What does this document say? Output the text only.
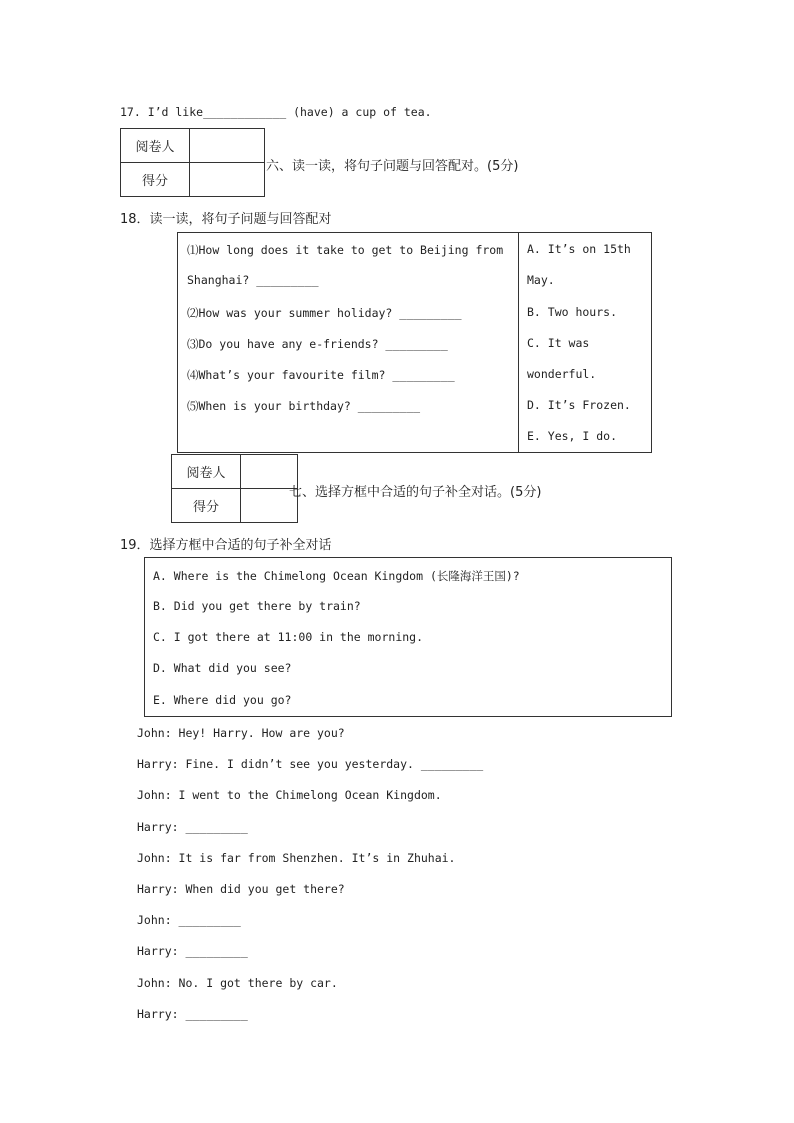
17. I’d like____________ (have) a cup of tea.
阅卷人	
得分	
六、读一读，将句子问题与回答配对。(5分)
18．读一读，将句子问题与回答配对
⑴How long does it take to get to Beijing from
Shanghai? _________
⑵How was your summer holiday? _________
⑶Do you have any e-friends? _________
⑷What’s your favourite film? _________
⑸When is your birthday? _________
A. It’s on 15th
May.
B. Two hours.
C. It was
wonderful.
D. It’s Frozen.
E. Yes, I do.
阅卷人	
得分	
七、选择方框中合适的句子补全对话。(5分)
19．选择方框中合适的句子补全对话
A. Where is the Chimelong Ocean Kingdom (长隆海洋王国)?
B. Did you get there by train?
C. I got there at 11:00 in the morning.
D. What did you see?
E. Where did you go?
John: Hey! Harry. How are you?
Harry: Fine. I didn’t see you yesterday. _________
John: I went to the Chimelong Ocean Kingdom.
Harry: _________
John: It is far from Shenzhen. It’s in Zhuhai.
Harry: When did you get there?
John: _________
Harry: _________
John: No. I got there by car.
Harry: _________
